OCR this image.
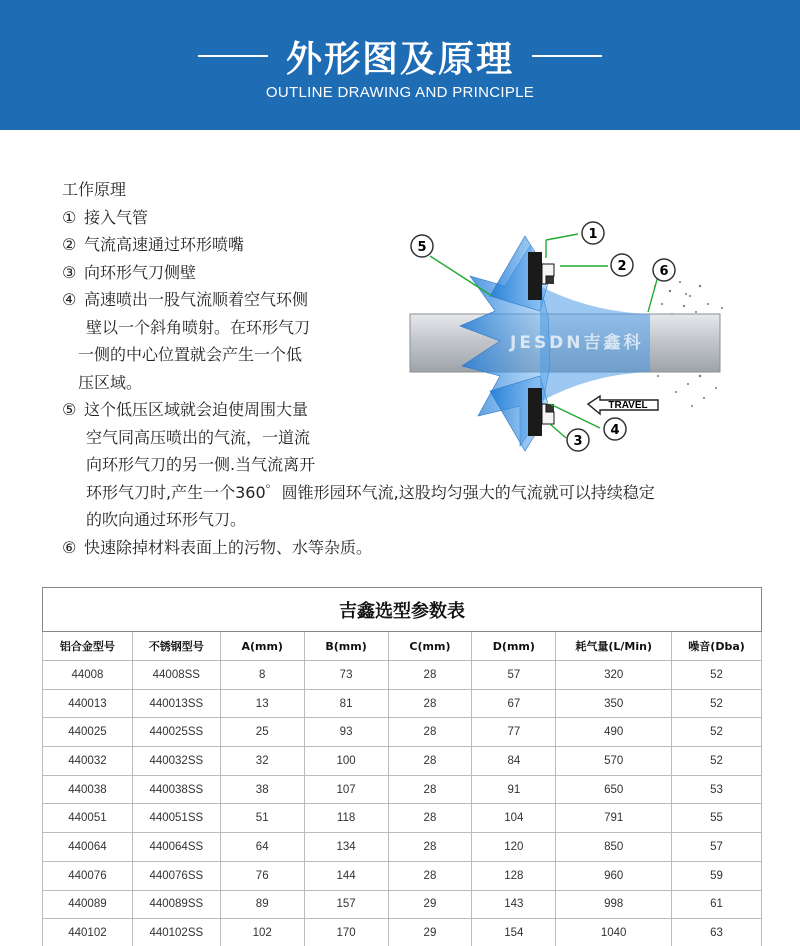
外形图及原理
OUTLINE DRAWING AND PRINCIPLE
工作原理
① 接入气管
② 气流高速通过环形喷嘴
③ 向环形气刀侧壁
④ 高速喷出一股气流顺着空气环侧
壁以一个斜角喷射。在环形气刀
一侧的中心位置就会产生一个低
压区域。
⑤ 这个低压区域就会迫使周围大量
空气同高压喷出的气流，一道流
向环形气刀的另一侧.当气流离开
环形气刀时,产生一个360゜圆锥形园环气流,这股均匀强大的气流就可以持续稳定
的吹向通过环形气刀。
⑥ 快速除掉材料表面上的污物、水等杂质。
JESDN吉鑫科
1
2
3
4
5
6
TRAVEL
吉鑫选型参数表							
铝合金型号	不锈钢型号	A(mm)	B(mm)	C(mm)	D(mm)	耗气量(L/Min)	噪音(Dba)
44008	44008SS	8	73	28	57	320	52
440013	440013SS	13	81	28	67	350	52
440025	440025SS	25	93	28	77	490	52
440032	440032SS	32	100	28	84	570	52
440038	440038SS	38	107	28	91	650	53
440051	440051SS	51	118	28	104	791	55
440064	440064SS	64	134	28	120	850	57
440076	440076SS	76	144	28	128	960	59
440089	440089SS	89	157	29	143	998	61
440102	440102SS	102	170	29	154	1040	63
